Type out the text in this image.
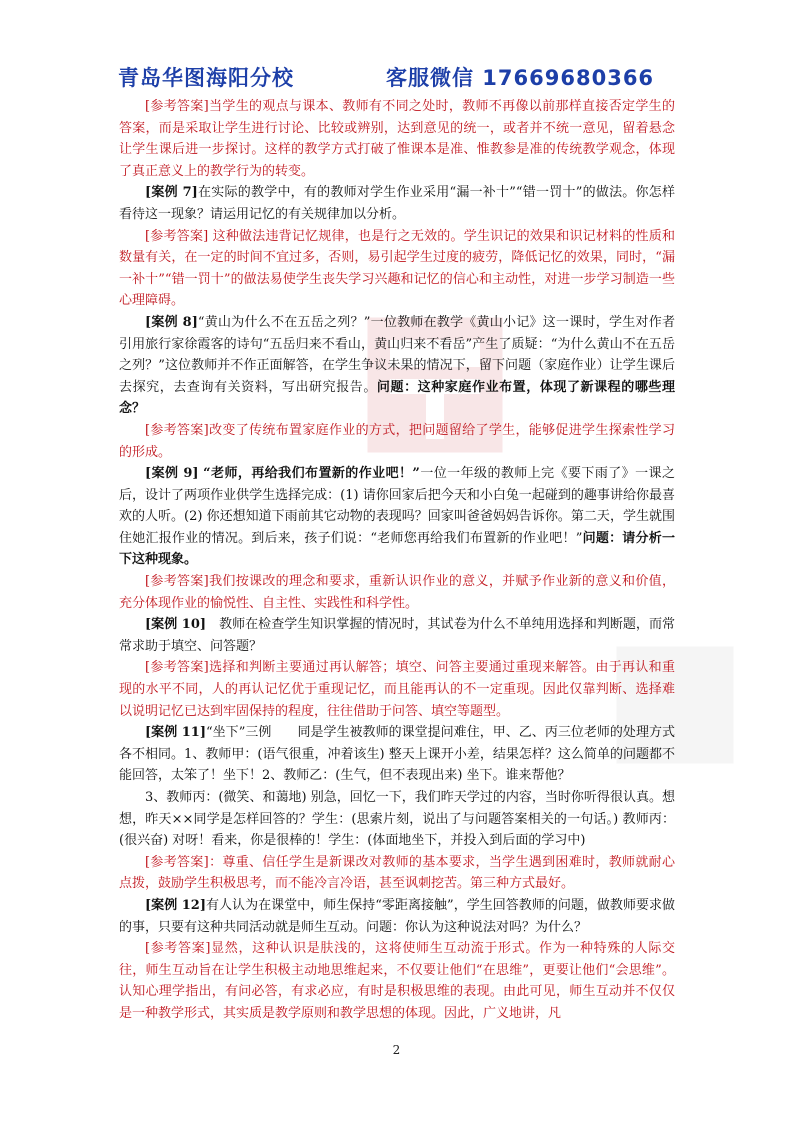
青岛华图海阳分校	客服微信 17669680366

[参考答案]当学生的观点与课本、教师有不同之处时，教师不再像以前那样直接否定学生的答案，而是采取让学生进行讨论、比较或辨别，达到意见的统一，或者并不统一意见，留着悬念让学生课后进一步探讨。这样的教学方式打破了惟课本是准、惟教参是准的传统教学观念，体现了真正意义上的教学行为的转变。

[案例 7]在实际的教学中，有的教师对学生作业采用“漏一补十”“错一罚十”的做法。你怎样看待这一现象？请运用记忆的有关规律加以分析。

[参考答案] 这种做法违背记忆规律，也是行之无效的。学生识记的效果和识记材料的性质和数量有关，在一定的时间不宜过多，否则，易引起学生过度的疲劳，降低记忆的效果，同时，“漏一补十”“错一罚十”的做法易使学生丧失学习兴趣和记忆的信心和主动性，对进一步学习制造一些心理障碍。

[案例 8]“黄山为什么不在五岳之列？”一位教师在教学《黄山小记》这一课时，学生对作者引用旅行家徐霞客的诗句“五岳归来不看山，黄山归来不看岳”产生了质疑：“为什么黄山不在五岳之列？”这位教师并不作正面解答，在学生争议未果的情况下，留下问题（家庭作业）让学生课后去探究，去查询有关资料，写出研究报告。问题：这种家庭作业布置，体现了新课程的哪些理念？

[参考答案]改变了传统布置家庭作业的方式，把问题留给了学生，能够促进学生探索性学习的形成。

[案例 9] “老师，再给我们布置新的作业吧！”一位一年级的教师上完《要下雨了》一课之后，设计了两项作业供学生选择完成：(1) 请你回家后把今天和小白兔一起碰到的趣事讲给你最喜欢的人听。(2) 你还想知道下雨前其它动物的表现吗？回家叫爸爸妈妈告诉你。第二天，学生就围住她汇报作业的情况。到后来，孩子们说：“老师您再给我们布置新的作业吧！”问题：请分析一下这种现象。

[参考答案]我们按课改的理念和要求，重新认识作业的意义，并赋予作业新的意义和价值，充分体现作业的愉悦性、自主性、实践性和科学性。

[案例 10]　教师在检查学生知识掌握的情况时，其试卷为什么不单纯用选择和判断题，而常常求助于填空、问答题？

[参考答案]选择和判断主要通过再认解答；填空、问答主要通过重现来解答。由于再认和重现的水平不同，人的再认记忆优于重现记忆，而且能再认的不一定重现。因此仅靠判断、选择难以说明记忆已达到牢固保持的程度，往往借助于问答、填空等题型。

[案例 11]“坐下”三例　　同是学生被教师的课堂提问难住，甲、乙、丙三位老师的处理方式各不相同。1、教师甲：(语气很重，冲着该生) 整天上课开小差，结果怎样？这么简单的问题都不能回答，太笨了！坐下！2、教师乙：(生气，但不表现出来) 坐下。谁来帮他？

3、教师丙：(微笑、和蔼地) 别急，回忆一下，我们昨天学过的内容，当时你听得很认真。想想，昨天××同学是怎样回答的？学生：(思索片刻，说出了与问题答案相关的一句话。) 教师丙：(很兴奋) 对呀！看来，你是很棒的！学生：(体面地坐下，并投入到后面的学习中)

[参考答案]：尊重、信任学生是新课改对教师的基本要求，当学生遇到困难时，教师就耐心点拨，鼓励学生积极思考，而不能冷言冷语，甚至讽刺挖苦。第三种方式最好。

[案例 12]有人认为在课堂中，师生保持“零距离接触”，学生回答教师的问题，做教师要求做的事，只要有这种共同活动就是师生互动。问题：你认为这种说法对吗？为什么？

[参考答案]显然，这种认识是肤浅的，这将使师生互动流于形式。作为一种特殊的人际交往，师生互动旨在让学生积极主动地思维起来，不仅要让他们“在思维”，更要让他们“会思维”。认知心理学指出，有问必答，有求必应，有时是积极思维的表现。由此可见，师生互动并不仅仅是一种教学形式，其实质是教学原则和教学思想的体现。因此，广义地讲，凡

2
